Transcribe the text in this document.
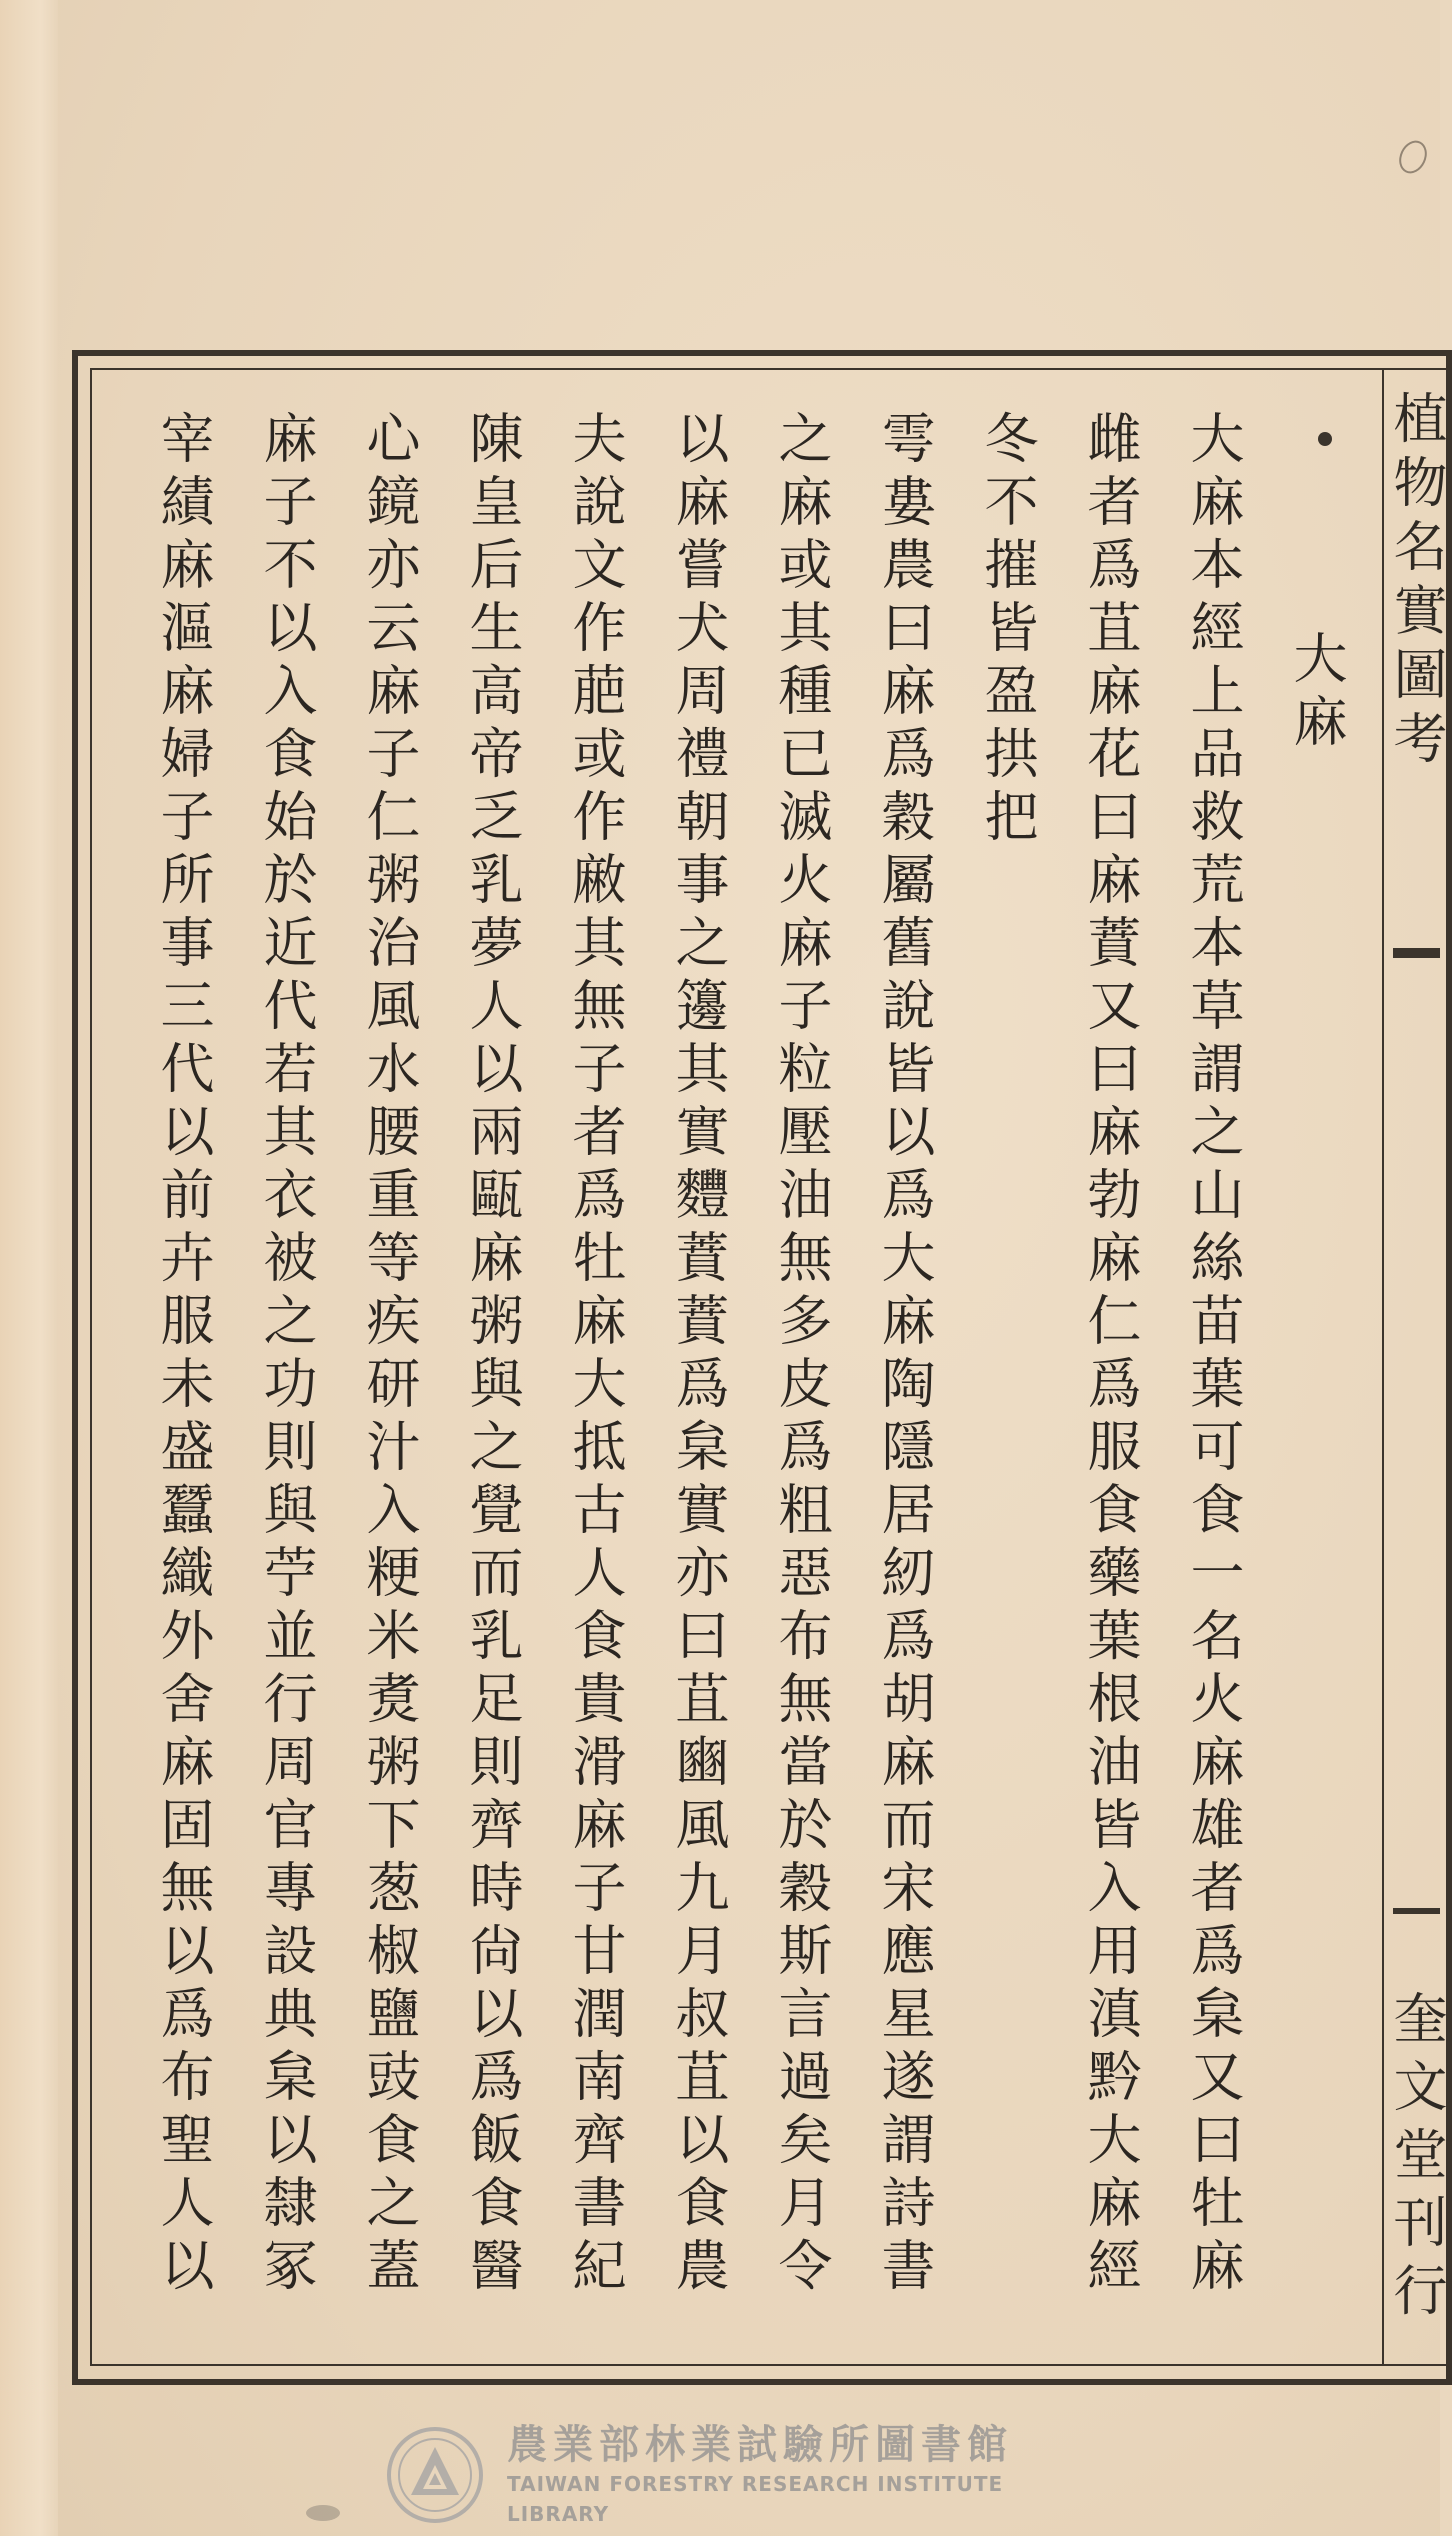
植物名實圖考
奎文堂刊行
大麻
大麻本經上品救荒本草謂之山絲苗葉可食一名火麻雄者爲枲又曰牡麻
雌者爲苴麻花曰麻蕡又曰麻勃麻仁爲服食藥葉根油皆入用滇黔大麻經
冬不摧皆盈拱把
雩婁農曰麻爲穀屬舊說皆以爲大麻陶隱居紉爲胡麻而宋應星遂謂詩書
之麻或其種已滅火麻子粒壓油無多皮爲粗惡布無當於穀斯言過矣月令
以麻嘗犬周禮朝事之籩其實麷蕡蕡爲枲實亦曰苴豳風九月叔苴以食農
夫說文作萉或作䵇其無子者爲牡麻大抵古人食貴滑麻子甘潤南齊書紀
陳皇后生高帝乏乳夢人以兩甌麻粥與之覺而乳足則齊時尙以爲飯食醫
心鏡亦云麻子仁粥治風水腰重等疾研汁入粳米煑粥下葱椒鹽豉食之蓋
麻子不以入食始於近代若其衣被之功則與苧並行周官專設典枲以隸冢
宰績麻漚麻婦子所事三代以前卉服未盛蠶織外舍麻固無以爲布聖人以
農業部林業試驗所圖書館
TAIWAN FORESTRY RESEARCH INSTITUTE LIBRARY
